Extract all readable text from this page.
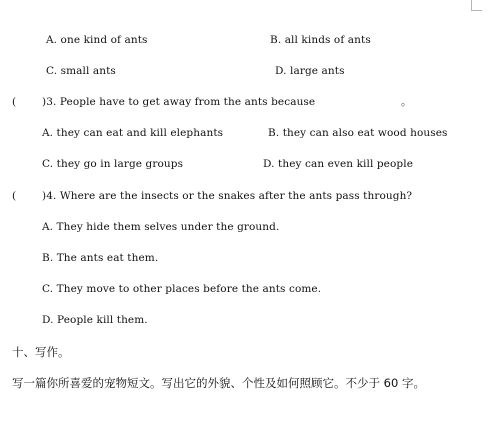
A. one kind of ants	B. all kinds of ants
C. small ants	D. large ants
( )3. People have to get away from the ants because	。
A. they can eat and kill elephants	B. they can also eat wood houses
C. they go in large groups	D. they can even kill people
( )4. Where are the insects or the snakes after the ants pass through?
A. They hide them selves under the ground.
B. The ants eat them.
C. They move to other places before the ants come.
D. People kill them.
十、写作。
写一篇你所喜爱的宠物短文。写出它的外貌、个性及如何照顾它。不少于 60 字。
